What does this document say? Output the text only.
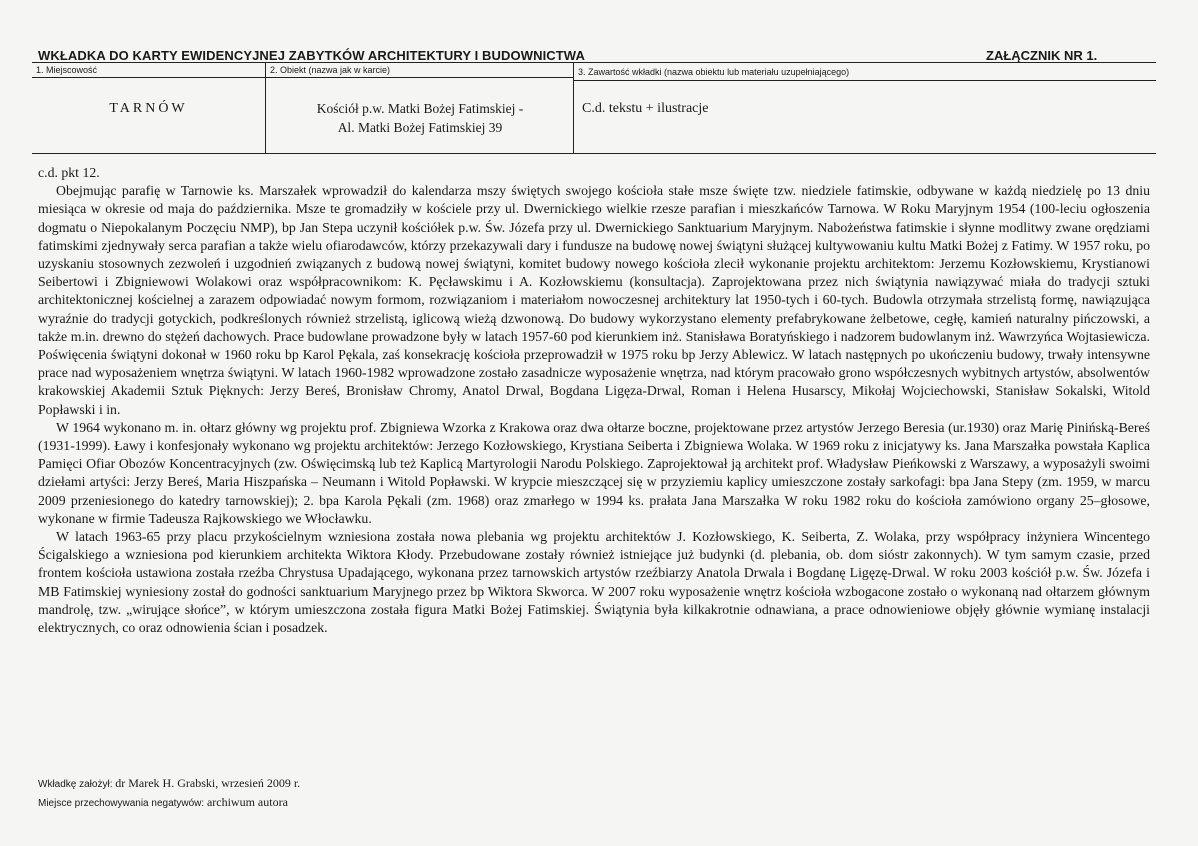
WKŁADKA DO KARTY EWIDENCYJNEJ ZABYTKÓW ARCHITEKTURY I BUDOWNICTWA	ZAŁĄCZNIK NR 1.
1. Miejscowość
TARNÓW
2. Obiekt (nazwa jak w karcie)
Kościół p.w. Matki Bożej Fatimskiej -
Al. Matki Bożej Fatimskiej 39
3. Zawartość wkładki (nazwa obiektu lub materiału uzupełniającego)
C.d. tekstu + ilustracje

c.d. pkt 12.

Obejmując parafię w Tarnowie ks. Marszałek wprowadził do kalendarza mszy świętych swojego kościoła stałe msze święte tzw. niedziele fatimskie, odbywane w każdą niedzielę po 13 dniu miesiąca w okresie od maja do października. Msze te gromadziły w kościele przy ul. Dwernickiego wielkie rzesze parafian i mieszkańców Tarnowa. W Roku Maryjnym 1954 (100-leciu ogłoszenia dogmatu o Niepokalanym Poczęciu NMP), bp Jan Stepa uczynił kościółek p.w. Św. Józefa przy ul. Dwernickiego Sanktuarium Maryjnym. Nabożeństwa fatimskie i słynne modlitwy zwane orędziami fatimskimi zjednywały serca parafian a także wielu ofiarodawców, którzy przekazywali dary i fundusze na budowę nowej świątyni służącej kultywowaniu kultu Matki Bożej z Fatimy. W 1957 roku, po uzyskaniu stosownych zezwoleń i uzgodnień związanych z budową nowej świątyni, komitet budowy nowego kościoła zlecił wykonanie projektu architektom: Jerzemu Kozłowskiemu, Krystianowi Seibertowi i Zbigniewowi Wolakowi oraz współpracownikom: K. Pęcławskimu i A. Kozłowskiemu (konsultacja). Zaprojektowana przez nich świątynia nawiązywać miała do tradycji sztuki architektonicznej kościelnej a zarazem odpowiadać nowym formom, rozwiązaniom i materiałom nowoczesnej architektury lat 1950-tych i 60-tych. Budowla otrzymała strzelistą formę, nawiązująca wyraźnie do tradycji gotyckich, podkreślonych również strzelistą, iglicową wieżą dzwonową. Do budowy wykorzystano elementy prefabrykowane żelbetowe, cegłę, kamień naturalny pińczowski, a także m.in. drewno do stężeń dachowych. Prace budowlane prowadzone były w latach 1957-60 pod kierunkiem inż. Stanisława Boratyńskiego i nadzorem budowlanym inż. Wawrzyńca Wojtasiewicza. Poświęcenia świątyni dokonał w 1960 roku bp Karol Pękala, zaś konsekrację kościoła przeprowadził w 1975 roku bp Jerzy Ablewicz. W latach następnych po ukończeniu budowy, trwały intensywne prace nad wyposażeniem wnętrza świątyni. W latach 1960-1982 wprowadzone zostało zasadnicze wyposażenie wnętrza, nad którym pracowało grono współczesnych wybitnych artystów, absolwentów krakowskiej Akademii Sztuk Pięknych: Jerzy Bereś, Bronisław Chromy, Anatol Drwal, Bogdana Ligęza-Drwal, Roman i Helena Husarscy, Mikołaj Wojciechowski, Stanisław Sokalski, Witold Popławski i in.

W 1964 wykonano m. in. ołtarz główny wg projektu prof. Zbigniewa Wzorka z Krakowa oraz dwa ołtarze boczne, projektowane przez artystów Jerzego Beresia (ur.1930) oraz Marię Pinińską-Bereś (1931-1999). Ławy i konfesjonały wykonano wg projektu architektów: Jerzego Kozłowskiego, Krystiana Seiberta i Zbigniewa Wolaka. W 1969 roku z inicjatywy ks. Jana Marszałka powstała Kaplica Pamięci Ofiar Obozów Koncentracyjnych (zw. Oświęcimską lub też Kaplicą Martyrologii Narodu Polskiego. Zaprojektował ją architekt prof. Władysław Pieńkowski z Warszawy, a wyposażyli swoimi dziełami artyści: Jerzy Bereś, Maria Hiszpańska – Neumann i Witold Popławski. W krypcie mieszczącej się w przyziemiu kaplicy umieszczone zostały sarkofagi: bpa Jana Stepy (zm. 1959, w marcu 2009 przeniesionego do katedry tarnowskiej); 2. bpa Karola Pękali (zm. 1968) oraz zmarłego w 1994 ks. prałata Jana Marszałka W roku 1982 roku do kościoła zamówiono organy 25–głosowe, wykonane w firmie Tadeusza Rajkowskiego we Włocławku.

W latach 1963-65 przy placu przykościelnym wzniesiona została nowa plebania wg projektu architektów J. Kozłowskiego, K. Seiberta, Z. Wolaka, przy współpracy inżyniera Wincentego Ścigalskiego a wzniesiona pod kierunkiem architekta Wiktora Kłody. Przebudowane zostały również istniejące już budynki (d. plebania, ob. dom sióstr zakonnych). W tym samym czasie, przed frontem kościoła ustawiona została rzeźba Chrystusa Upadającego, wykonana przez tarnowskich artystów rzeźbiarzy Anatola Drwala i Bogdanę Ligęzę-Drwal. W roku 2003 kościół p.w. Św. Józefa i MB Fatimskiej wyniesiony został do godności sanktuarium Maryjnego przez bp Wiktora Skworca. W 2007 roku wyposażenie wnętrz kościoła wzbogacone zostało o wykonaną nad ołtarzem głównym mandrolę, tzw. „wirujące słońce”, w którym umieszczona została figura Matki Bożej Fatimskiej. Świątynia była kilkakrotnie odnawiana, a prace odnowieniowe objęły głównie wymianę instalacji elektrycznych, co oraz odnowienia ścian i posadzek.

Wkładkę założył: dr Marek H. Grabski, wrzesień 2009 r.
Miejsce przechowywania negatywów: archiwum autora
